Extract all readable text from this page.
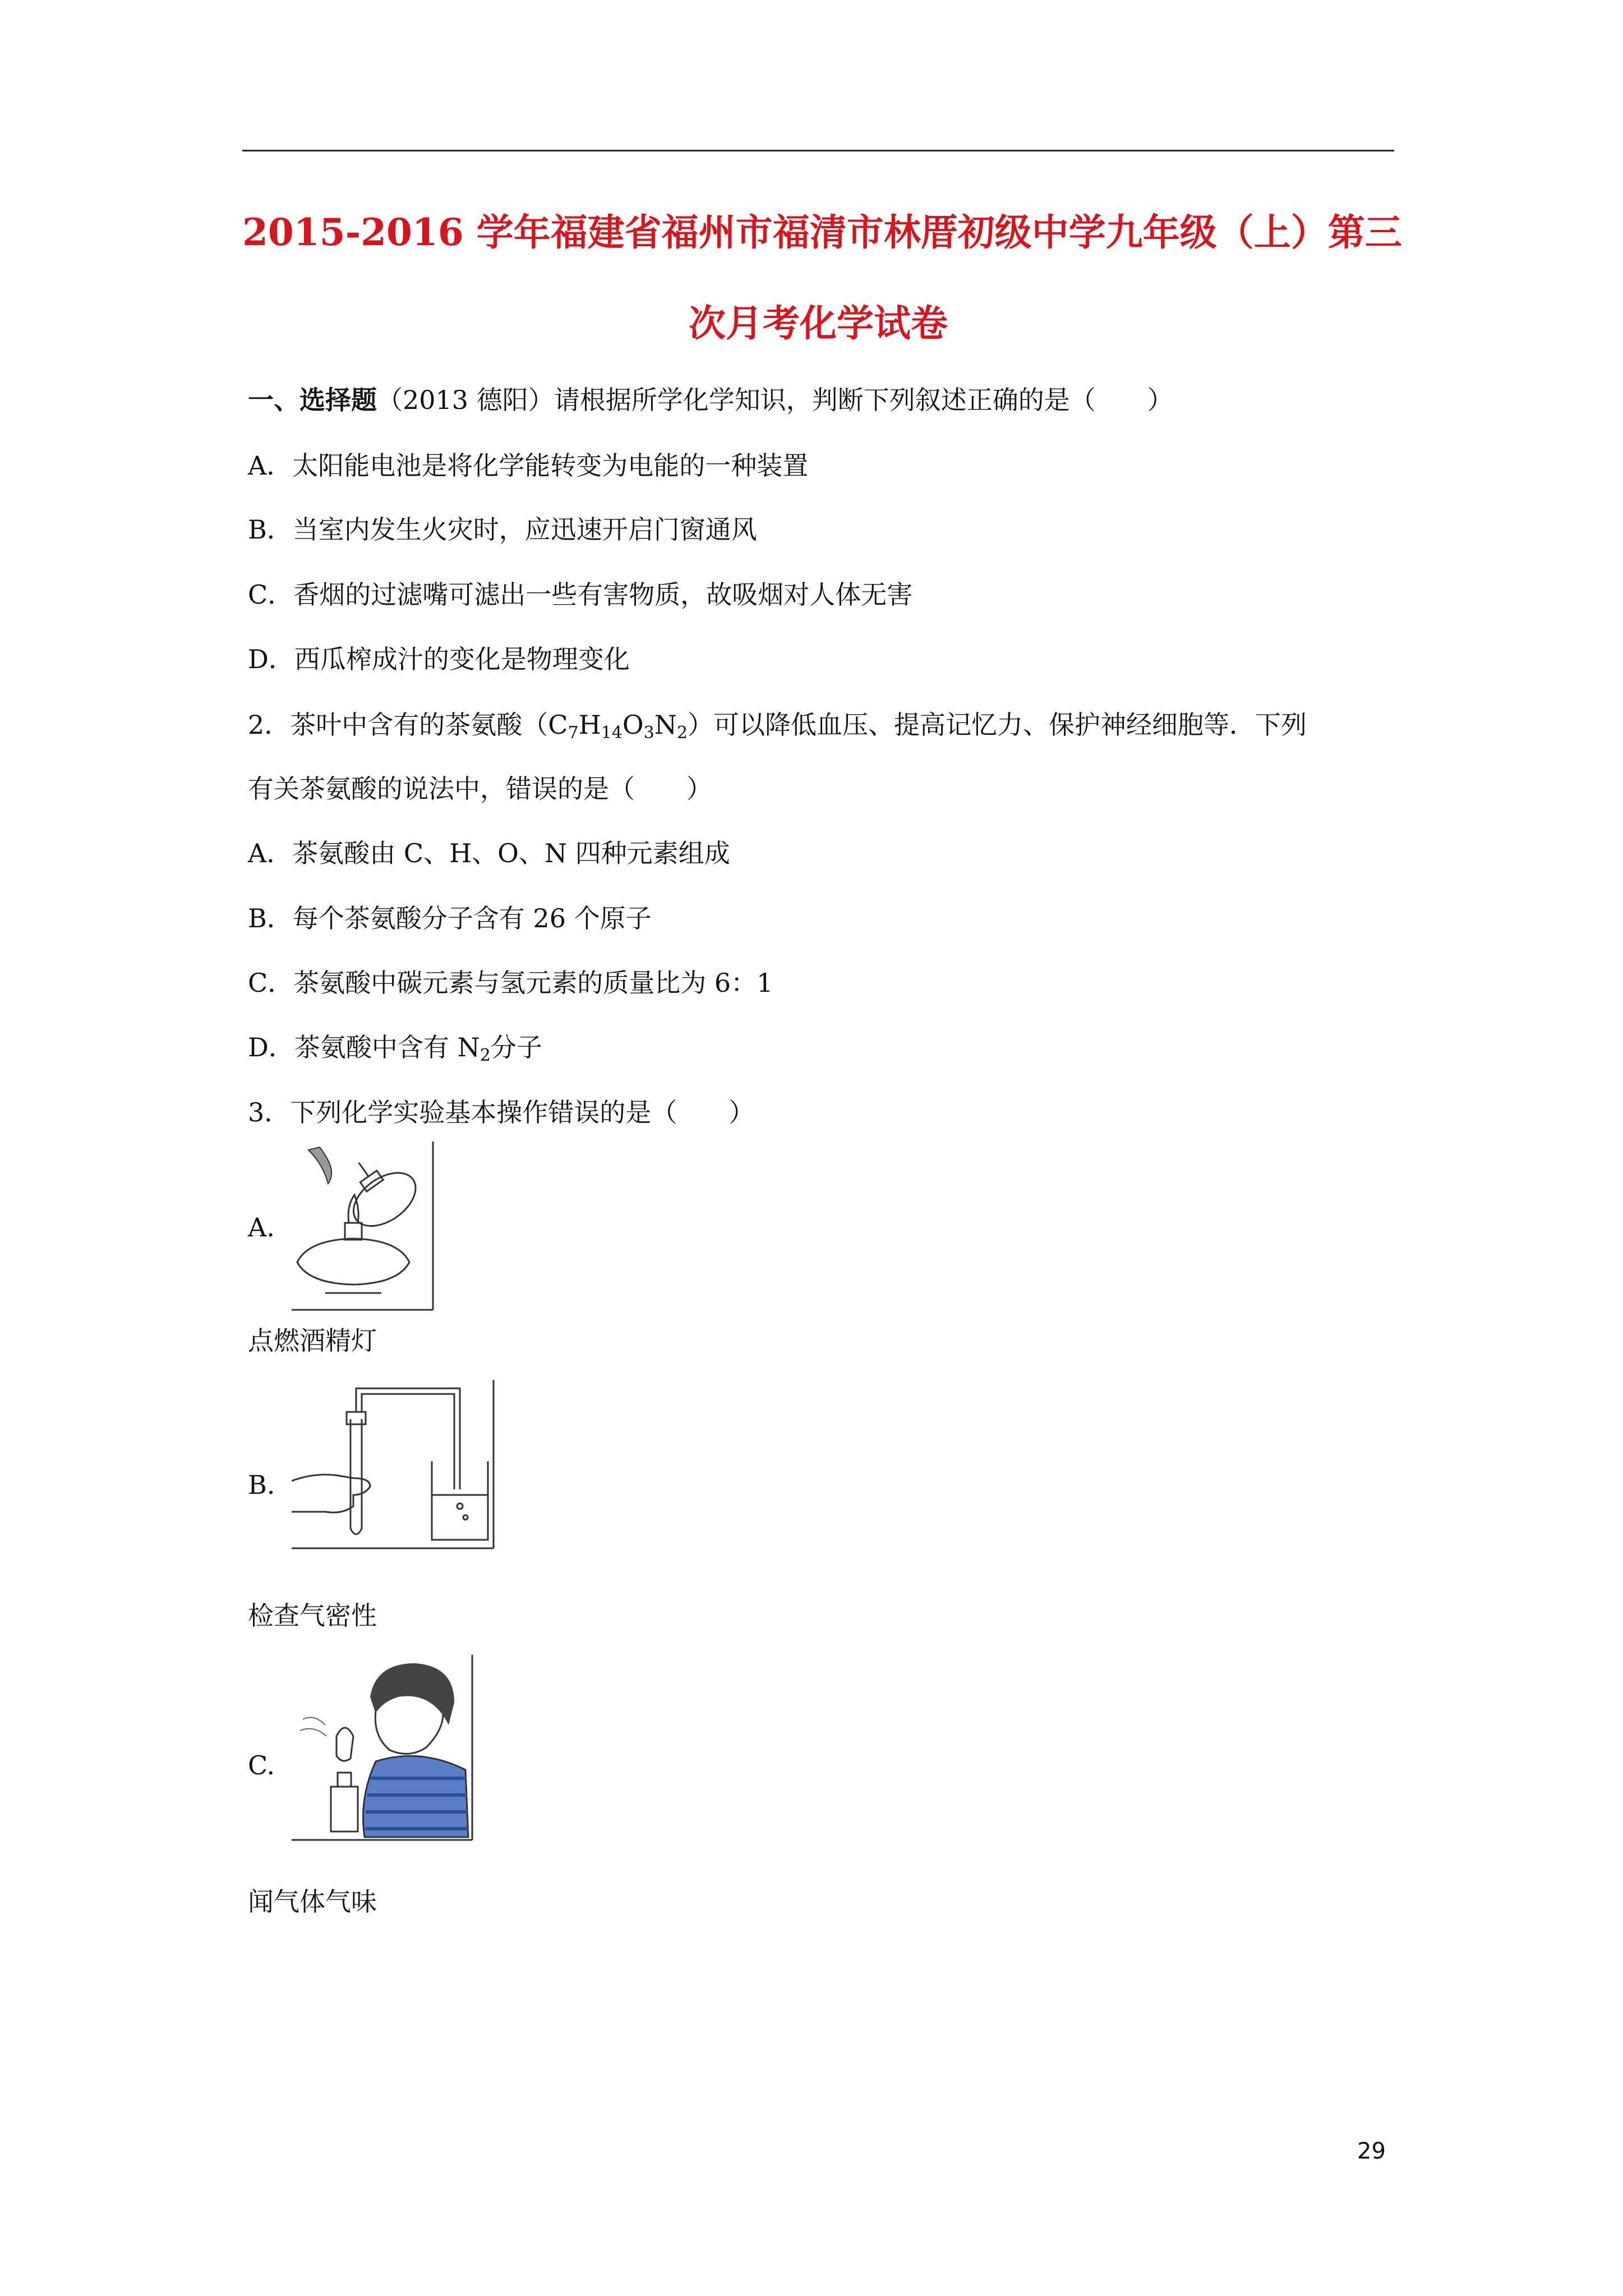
2015-2016 学年福建省福州市福清市林厝初级中学九年级（上）第三
次月考化学试卷
一、选择题（2013 德阳）请根据所学化学知识，判断下列叙述正确的是（　　）
A．太阳能电池是将化学能转变为电能的一种装置
B．当室内发生火灾时，应迅速开启门窗通风
C．香烟的过滤嘴可滤出一些有害物质，故吸烟对人体无害
D．西瓜榨成汁的变化是物理变化
2．茶叶中含有的茶氨酸$(C_7H_{14}O_3N_2)$可以降低血压、提高记忆力、保护神经细胞等．下列
有关茶氨酸的说法中，错误的是（　　）
A．茶氨酸由 C、H、O、N 四种元素组成
B．每个茶氨酸分子含有 26 个原子
C．茶氨酸中碳元素与氢元素的质量比为 6：1
D．茶氨酸中含有 $N_2$分子
3．下列化学实验基本操作错误的是（　　）
A.
点燃酒精灯
B.
检查气密性
C.
闻气体气味
29
